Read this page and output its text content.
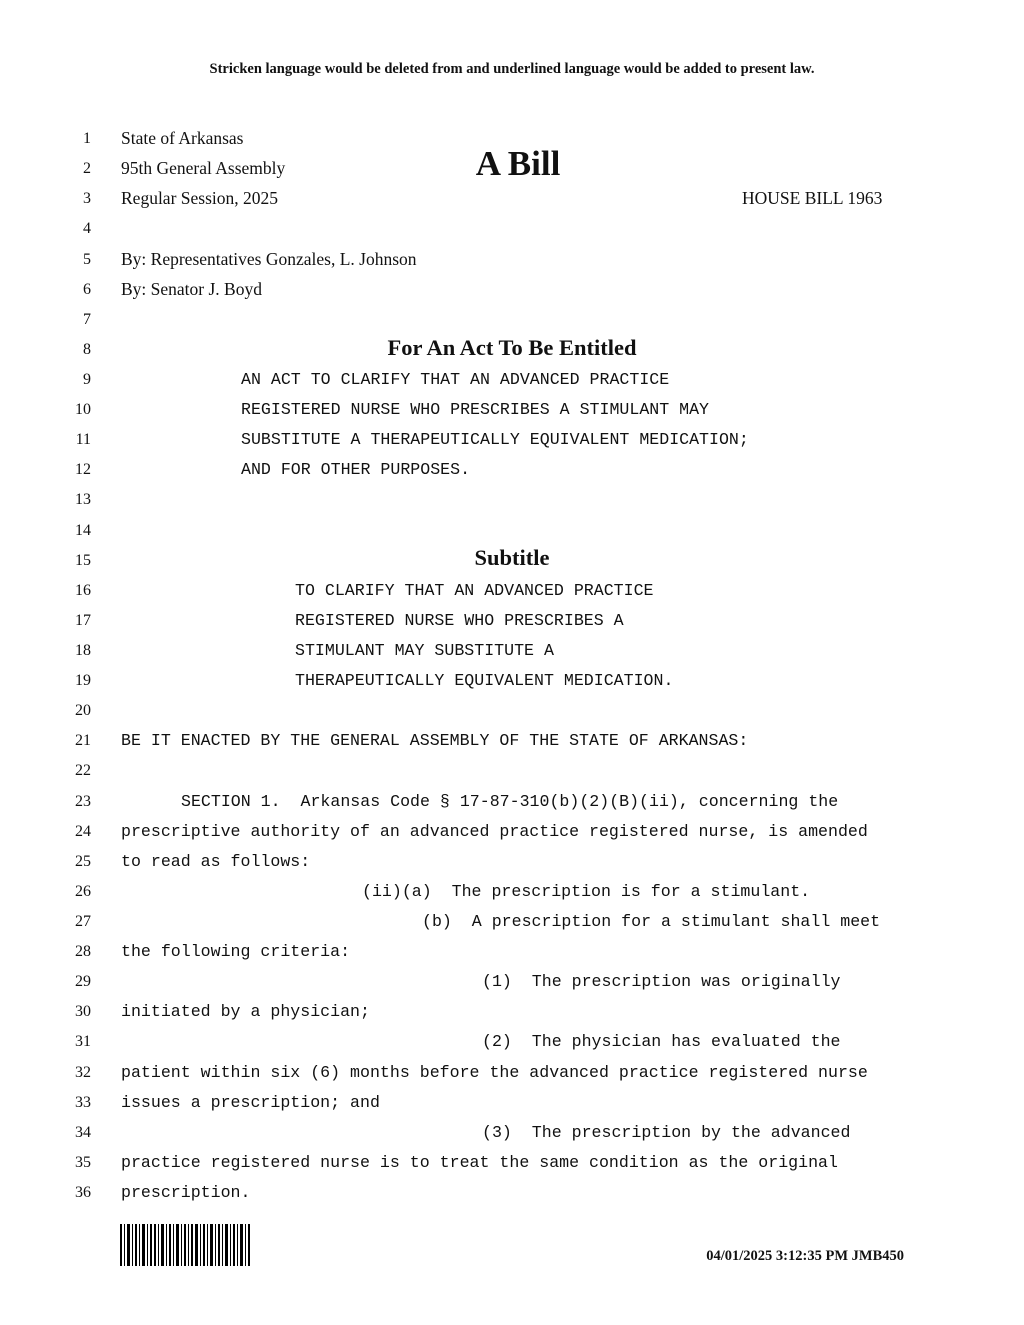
Stricken language would be deleted from and underlined language would be added to present law.
1
2
3
4
5
6
7
8
9
10
11
12
13
14
15
16
17
18
19
20
21
22
23
24
25
26
27
28
29
30
31
32
33
34
35
36
State of Arkansas
95th General Assembly
Regular Session, 2025
A Bill
HOUSE BILL 1963
By: Representatives Gonzales, L. Johnson
By: Senator J. Boyd
For An Act To Be Entitled
AN ACT TO CLARIFY THAT AN ADVANCED PRACTICE
REGISTERED NURSE WHO PRESCRIBES A STIMULANT MAY
SUBSTITUTE A THERAPEUTICALLY EQUIVALENT MEDICATION;
AND FOR OTHER PURPOSES.
Subtitle
TO CLARIFY THAT AN ADVANCED PRACTICE
REGISTERED NURSE WHO PRESCRIBES A
STIMULANT MAY SUBSTITUTE A
THERAPEUTICALLY EQUIVALENT MEDICATION.
BE IT ENACTED BY THE GENERAL ASSEMBLY OF THE STATE OF ARKANSAS:
SECTION 1.  Arkansas Code § 17-87-310(b)(2)(B)(ii), concerning the
prescriptive authority of an advanced practice registered nurse, is amended
to read as follows:
(ii)(a)  The prescription is for a stimulant.
(b)  A prescription for a stimulant shall meet
the following criteria:
(1)  The prescription was originally
initiated by a physician;
(2)  The physician has evaluated the
patient within six (6) months before the advanced practice registered nurse
issues a prescription; and
(3)  The prescription by the advanced
practice registered nurse is to treat the same condition as the original
prescription.
04/01/2025 3:12:35 PM JMB450
